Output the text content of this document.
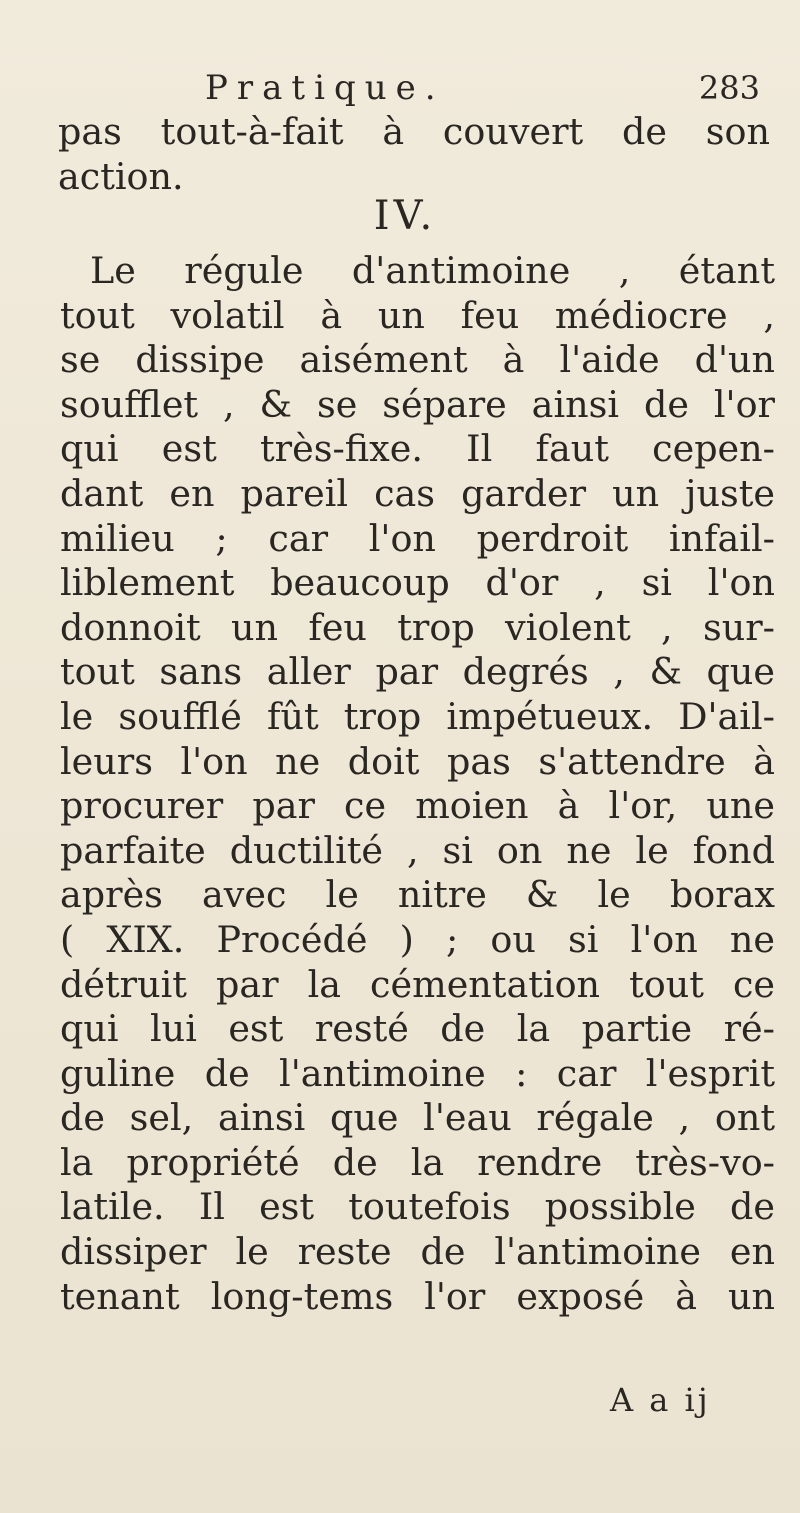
Pratique.	283
pas tout-à-fait à couvert de son
action.
IV.
Le régule d'antimoine , étant
tout volatil à un feu médiocre ,
se dissipe aisément à l'aide d'un
soufflet , & se sépare ainsi de l'or
qui est très-fixe. Il faut cepen-
dant en pareil cas garder un juste
milieu ; car l'on perdroit infail-
liblement beaucoup d'or , si l'on
donnoit un feu trop violent , sur-
tout sans aller par degrés , & que
le soufflé fût trop impétueux. D'ail-
leurs l'on ne doit pas s'attendre à
procurer par ce moien à l'or, une
parfaite ductilité , si on ne le fond
après avec le nitre & le borax
( XIX. Procédé ) ; ou si l'on ne
détruit par la cémentation tout ce
qui lui est resté de la partie ré-
guline de l'antimoine : car l'esprit
de sel, ainsi que l'eau régale , ont
la propriété de la rendre très-vo-
latile. Il est toutefois possible de
dissiper le reste de l'antimoine en
tenant long-tems l'or exposé à un
A a ij
